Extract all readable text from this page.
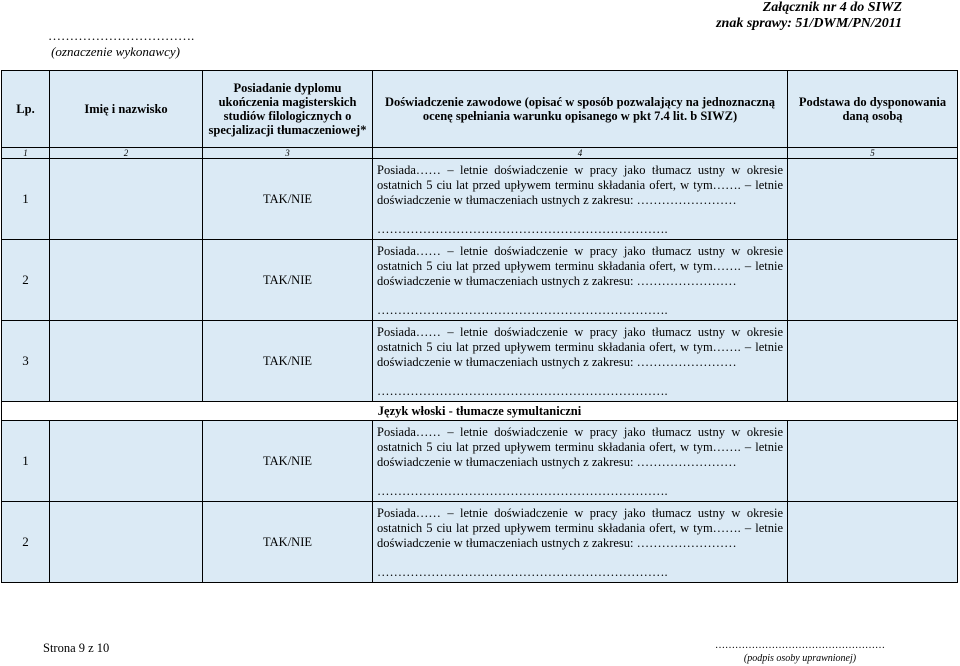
…………………………….
(oznaczenie wykonawcy)
Załącznik nr 4 do SIWZ
znak sprawy: 51/DWM/PN/2011
Lp.	Imię i nazwisko	Posiadanie dyplomu ukończenia magisterskich studiów filologicznych o specjalizacji tłumaczeniowej*	Doświadczenie zawodowe (opisać w sposób pozwalający na jednoznaczną ocenę spełniania warunku opisanego w pkt 7.4 lit. b SIWZ)	Podstawa do dysponowania daną osobą
1	2	3	4	5
1		TAK/NIE	Posiada…… – letnie doświadczenie w pracy jako tłumacz ustny w okresie ostatnich 5 ciu lat przed upływem terminu składania ofert, w tym……. – letnie doświadczenie w tłumaczeniach ustnych z zakresu: ……………………
…………………………………………………………….	

2		TAK/NIE	Posiada…… – letnie doświadczenie w pracy jako tłumacz ustny w okresie ostatnich 5 ciu lat przed upływem terminu składania ofert, w tym……. – letnie doświadczenie w tłumaczeniach ustnych z zakresu: ……………………
…………………………………………………………….	

3		TAK/NIE	Posiada…… – letnie doświadczenie w pracy jako tłumacz ustny w okresie ostatnich 5 ciu lat przed upływem terminu składania ofert, w tym……. – letnie doświadczenie w tłumaczeniach ustnych z zakresu: ……………………
…………………………………………………………….	

Język włoski - tłumacze symultaniczni				
1		TAK/NIE	Posiada…… – letnie doświadczenie w pracy jako tłumacz ustny w okresie ostatnich 5 ciu lat przed upływem terminu składania ofert, w tym……. – letnie doświadczenie w tłumaczeniach ustnych z zakresu: ……………………
…………………………………………………………….	

2		TAK/NIE	Posiada…… – letnie doświadczenie w pracy jako tłumacz ustny w okresie ostatnich 5 ciu lat przed upływem terminu składania ofert, w tym……. – letnie doświadczenie w tłumaczeniach ustnych z zakresu: ……………………
…………………………………………………………….	

Strona 9 z 10	……………………………………………
(podpis osoby uprawnionej)
